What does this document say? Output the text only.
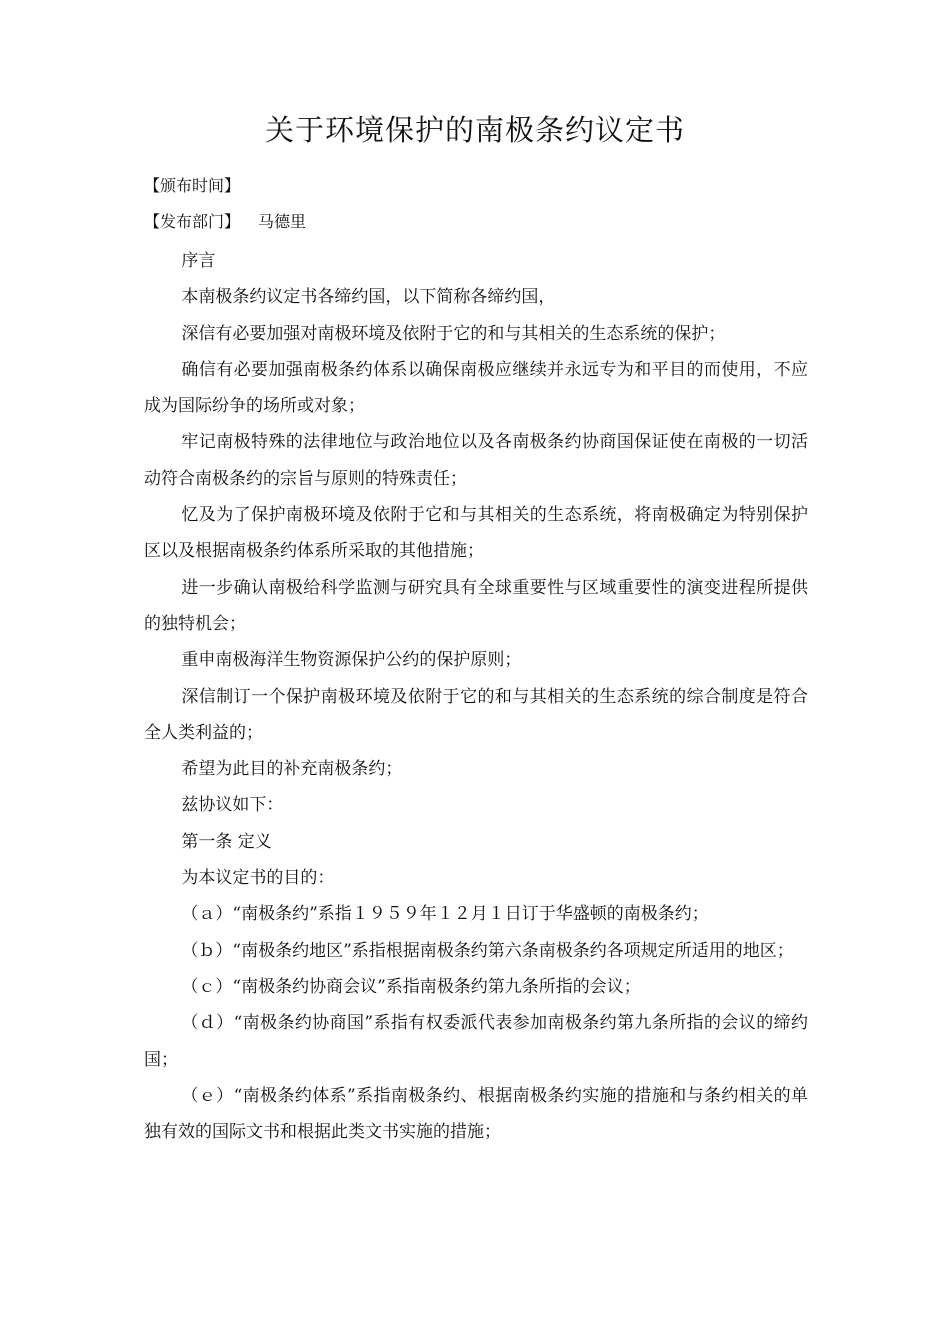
关于环境保护的南极条约议定书
【颁布时间】
【发布部门】 马德里

序言

本南极条约议定书各缔约国，以下简称各缔约国，

深信有必要加强对南极环境及依附于它的和与其相关的生态系统的保护；

确信有必要加强南极条约体系以确保南极应继续并永远专为和平目的而使用，不应成为国际纷争的场所或对象；

牢记南极特殊的法律地位与政治地位以及各南极条约协商国保证使在南极的一切活动符合南极条约的宗旨与原则的特殊责任；

忆及为了保护南极环境及依附于它和与其相关的生态系统，将南极确定为特别保护区以及根据南极条约体系所采取的其他措施；

进一步确认南极给科学监测与研究具有全球重要性与区域重要性的演变进程所提供的独特机会；

重申南极海洋生物资源保护公约的保护原则；

深信制订一个保护南极环境及依附于它的和与其相关的生态系统的综合制度是符合全人类利益的；

希望为此目的补充南极条约；

兹协议如下：

第一条 定义

为本议定书的目的：

（ａ）“南极条约”系指１９５９年１２月１日订于华盛顿的南极条约；

（ｂ）“南极条约地区”系指根据南极条约第六条南极条约各项规定所适用的地区；

（ｃ）“南极条约协商会议”系指南极条约第九条所指的会议；

（ｄ）“南极条约协商国”系指有权委派代表参加南极条约第九条所指的会议的缔约国；

（ｅ）“南极条约体系”系指南极条约、根据南极条约实施的措施和与条约相关的单独有效的国际文书和根据此类文书实施的措施；
